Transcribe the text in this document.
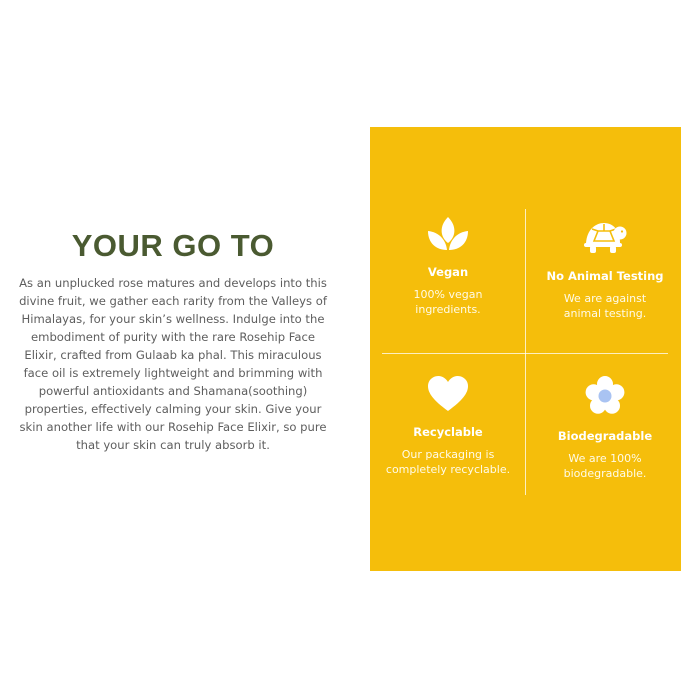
YOUR GO TO
As an unplucked rose matures and develops into this
divine fruit, we gather each rarity from the Valleys of
Himalayas, for your skin’s wellness. Indulge into the
embodiment of purity with the rare Rosehip Face
Elixir, crafted from Gulaab ka phal. This miraculous
face oil is extremely lightweight and brimming with
powerful antioxidants and Shamana(soothing)
properties, effectively calming your skin. Give your
skin another life with our Rosehip Face Elixir, so pure
that your skin can truly absorb it.
Vegan
100% vegan
ingredients.
No Animal Testing
We are against
animal testing.
Recyclable
Our packaging is
completely recyclable.
Biodegradable
We are 100%
biodegradable.
